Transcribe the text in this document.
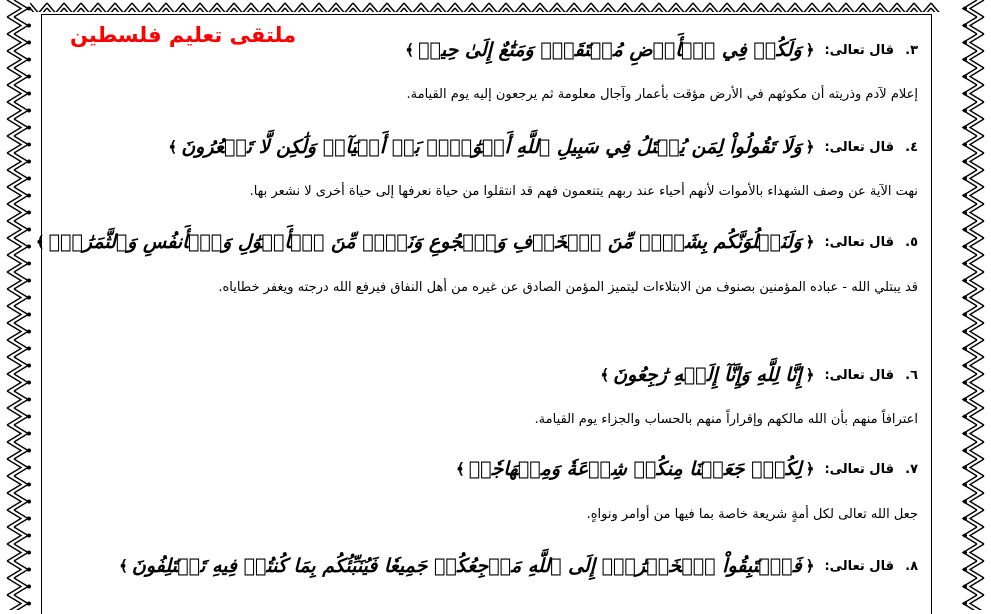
ملتقى تعليم فلسطين
٣.
قال تعالى:
﴿
وَلَكُمۡ فِي ٱلۡأَرۡضِ مُسۡتَقَرّٞ وَمَتَٰعٌ إِلَىٰ حِينٖ
﴾
إعلام لآدم وذريته أن مكوثهم في الأرض مؤقت بأعمار وآجال معلومة ثم يرجعون إليه يوم القيامة.
٤.
قال تعالى:
﴿
وَلَا تَقُولُواْ لِمَن يُقۡتَلُ فِي سَبِيلِ ٱللَّهِ أَمۡوَٰتُۢۚ بَلۡ أَحۡيَآءٞ وَلَٰكِن لَّا تَشۡعُرُونَ
﴾
نهت الآية عن وصف الشهداء بالأموات لأنهم أحياء عند ربهم يتنعمون فهم قد انتقلوا من حياة نعرفها إلى حياة أخرى لا نشعر بها.
٥.
قال تعالى:
﴿
وَلَنَبۡلُوَنَّكُم بِشَيۡءٖ مِّنَ ٱلۡخَوۡفِ وَٱلۡجُوعِ وَنَقۡصٖ مِّنَ ٱلۡأَمۡوَٰلِ وَٱلۡأَنفُسِ وَٱلثَّمَرَٰتِۗ
﴾
قد يبتلي الله - عباده المؤمنين بصنوف من الابتلاءات ليتميز المؤمن الصادق عن غيره من أهل النفاق فيرفع الله درجته ويغفر خطاياه.
٦.
قال تعالى:
﴿
إِنَّا لِلَّهِ وَإِنَّآ إِلَيۡهِ رَٰجِعُونَ
﴾
اعترافاً منهم بأن الله مالكهم وإقراراً منهم بالحساب والجزاء يوم القيامة.
٧.
قال تعالى:
﴿
لِكُلّٖ جَعَلۡنَا مِنكُمۡ شِرۡعَةٗ وَمِنۡهَاجٗاۚ
﴾
جعل الله تعالى لكل أمةٍ شريعة خاصة بما فيها من أوامر ونواهٍ.
٨.
قال تعالى:
﴿
فَٱسۡتَبِقُواْ ٱلۡخَيۡرَٰتِۚ إِلَى ٱللَّهِ مَرۡجِعُكُمۡ جَمِيعٗا فَيُنَبِّئُكُم بِمَا كُنتُمۡ فِيهِ تَخۡتَلِفُونَ
﴾
